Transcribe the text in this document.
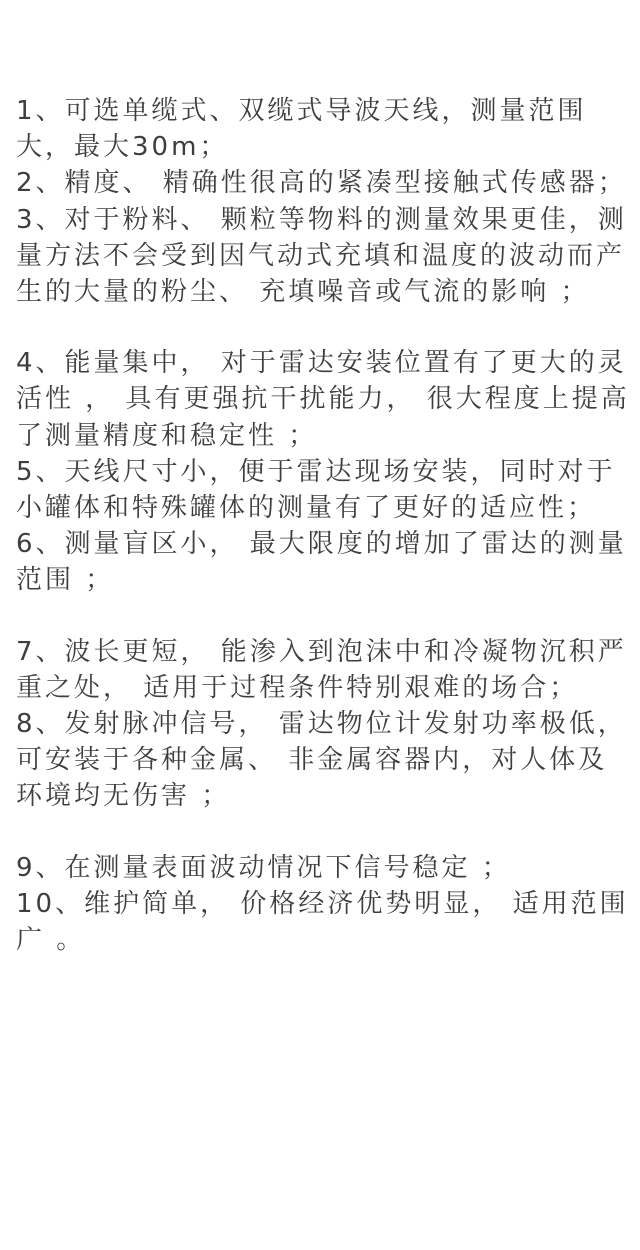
1、可选单缆式、双缆式导波天线，测量范围大，最大30m；

2、精度、 精确性很高的紧凑型接触式传感器；

3、对于粉料、 颗粒等物料的测量效果更佳，测量方法不会受到因气动式充填和温度的波动而产生的大量的粉尘、 充填噪音或气流的影响 ；

4、能量集中， 对于雷达安装位置有了更大的灵活性 ， 具有更强抗干扰能力， 很大程度上提高了测量精度和稳定性 ；

5、天线尺寸小，便于雷达现场安装，同时对于小罐体和特殊罐体的测量有了更好的适应性；

6、测量盲区小， 最大限度的增加了雷达的测量范围 ；

7、波长更短， 能渗入到泡沫中和冷凝物沉积严重之处， 适用于过程条件特别艰难的场合；

8、发射脉冲信号， 雷达物位计发射功率极低， 可安装于各种金属、 非金属容器内，对人体及环境均无伤害 ；

9、在测量表面波动情况下信号稳定 ；

10、维护简单， 价格经济优势明显， 适用范围广 。
